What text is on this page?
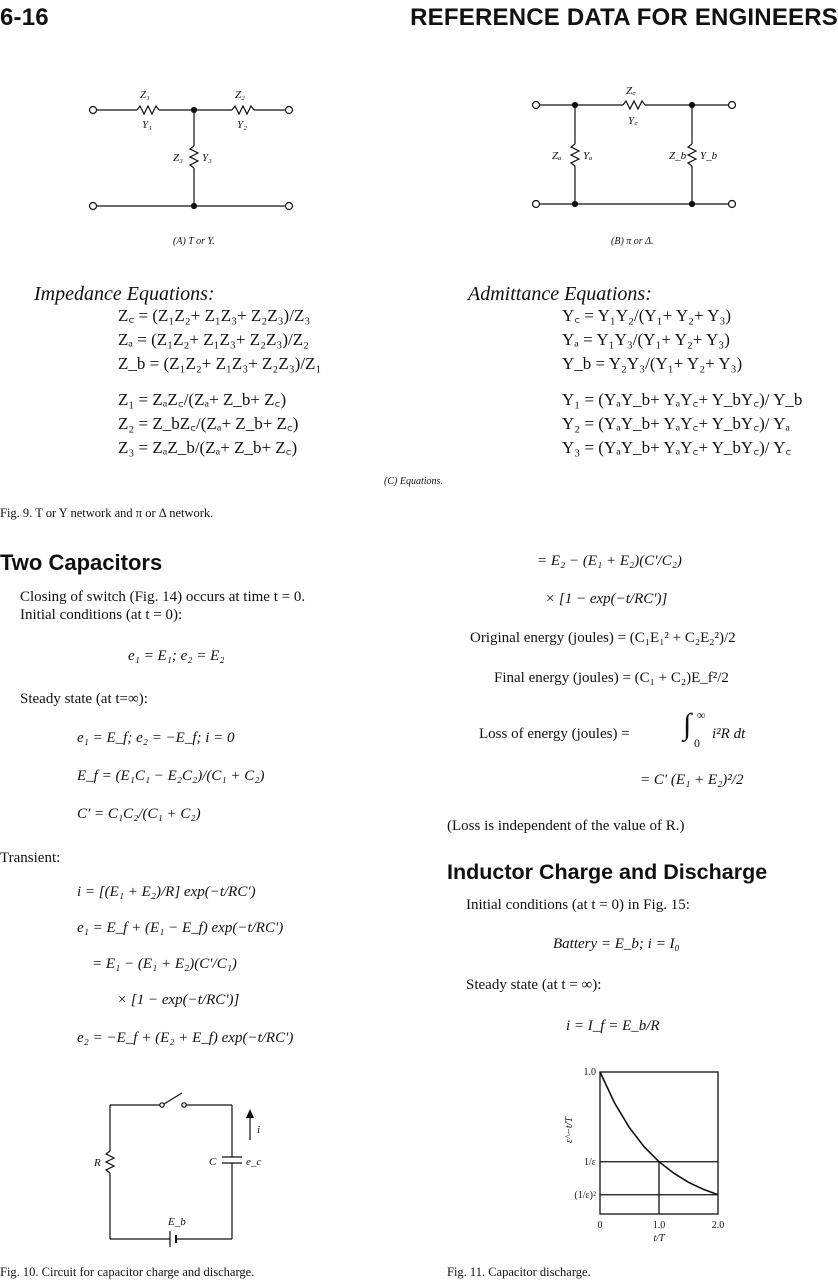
6-16	REFERENCE DATA FOR ENGINEERS
Z₁
Y₁
Z₂
Y₂
Z₃ Y₃
(A) T or Y.
Z꜀
Y꜀
Zₐ Yₐ	Z_b Y_b
(B) π or Δ.
Impedance Equations:
Z꜀ = (Z₁Z₂+ Z₁Z₃+ Z₂Z₃)/Z₃
Zₐ = (Z₁Z₂+ Z₁Z₃+ Z₂Z₃)/Z₂
Z_b = (Z₁Z₂+ Z₁Z₃+ Z₂Z₃)/Z₁
Z₁ = ZₐZ꜀/(Zₐ+ Z_b+ Z꜀)
Z₂ = Z_bZ꜀/(Zₐ+ Z_b+ Z꜀)
Z₃ = ZₐZ_b/(Zₐ+ Z_b+ Z꜀)
Admittance Equations:
Y꜀ = Y₁Y₂/(Y₁+ Y₂+ Y₃)
Yₐ = Y₁Y₃/(Y₁+ Y₂+ Y₃)
Y_b = Y₂Y₃/(Y₁+ Y₂+ Y₃)
Y₁ = (YₐY_b+ YₐY꜀+ Y_bY꜀)/ Y_b
Y₂ = (YₐY_b+ YₐY꜀+ Y_bY꜀)/ Yₐ
Y₃ = (YₐY_b+ YₐY꜀+ Y_bY꜀)/ Y꜀
(C) Equations.
Fig. 9. T or Y network and π or Δ network.
Two Capacitors
Closing of switch (Fig. 14) occurs at time t = 0.
Initial conditions (at t = 0):
e₁ = E₁; e₂ = E₂
Steady state (at t=∞):
e₁ = E_f; e₂ = −E_f; i = 0
E_f = (E₁C₁ − E₂C₂)/(C₁ + C₂)
C′ = C₁C₂/(C₁ + C₂)
Transient:
i = [(E₁ + E₂)/R] exp(−t/RC′)
e₁ = E_f + (E₁ − E_f) exp(−t/RC′)
= E₁ − (E₁ + E₂)(C′/C₁)
× [1 − exp(−t/RC′)]
e₂ = −E_f + (E₂ + E_f) exp(−t/RC′)
R	C	e_c
E_b
i
Fig. 10. Circuit for capacitor charge and discharge.
= E₂ − (E₁ + E₂)(C′/C₂)
× [1 − exp(−t/RC′)]
Original energy (joules) = (C₁E₁² + C₂E₂²)/2
Final energy (joules) = (C₁ + C₂)E_f²/2
Loss of energy (joules) = ∫ ∞
0
i²R dt
= C′ (E₁ + E₂)²/2
(Loss is independent of the value of R.)
Inductor Charge and Discharge
Initial conditions (at t = 0) in Fig. 15:
Battery = E_b; i = I₀
Steady state (at t = ∞):
i = I_f = E_b/R
1.0
1/ε
(1/ε)²
0	1.0	2.0
t/T
ε^−t/T
Fig. 11. Capacitor discharge.
